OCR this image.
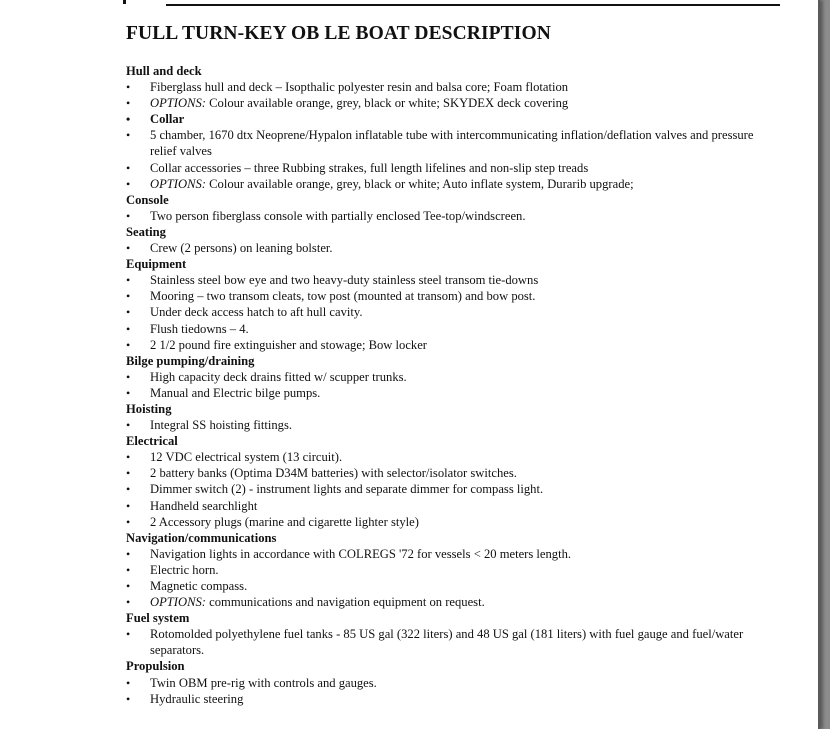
FULL TURN-KEY OB LE BOAT DESCRIPTION
Hull and deck
•	Fiberglass hull and deck – Isopthalic polyester resin and balsa core; Foam flotation
•	OPTIONS: Colour available orange, grey, black or white; SKYDEX deck covering
•	Collar
•	5 chamber, 1670 dtx Neoprene/Hypalon inflatable tube with intercommunicating inflation/deflation valves and pressure relief valves
•	Collar accessories – three Rubbing strakes, full length lifelines and non-slip step treads
•	OPTIONS: Colour available orange, grey, black or white; Auto inflate system, Durarib upgrade;
Console
•	Two person fiberglass console with partially enclosed Tee-top/windscreen.
Seating
•	Crew (2 persons) on leaning bolster.
Equipment
•	Stainless steel bow eye and two heavy-duty stainless steel transom tie-downs
•	Mooring – two transom cleats, tow post (mounted at transom) and bow post.
•	Under deck access hatch to aft hull cavity.
•	Flush tiedowns – 4.
•	2 1/2 pound fire extinguisher and stowage; Bow locker
Bilge pumping/draining
•	High capacity deck drains fitted w/ scupper trunks.
•	Manual and Electric bilge pumps.
Hoisting
•	Integral SS hoisting fittings.
Electrical
•	12 VDC electrical system (13 circuit).
•	2 battery banks (Optima D34M batteries) with selector/isolator switches.
•	Dimmer switch (2) - instrument lights and separate dimmer for compass light.
•	Handheld searchlight
•	2 Accessory plugs (marine and cigarette lighter style)
Navigation/communications
•	Navigation lights in accordance with COLREGS '72 for vessels < 20 meters length.
•	Electric horn.
•	Magnetic compass.
•	OPTIONS: communications and navigation equipment on request.
Fuel system
•	Rotomolded polyethylene fuel tanks - 85 US gal (322 liters) and 48 US gal (181 liters) with fuel gauge and fuel/water separators.
Propulsion
•	Twin OBM pre-rig with controls and gauges.
•	Hydraulic steering
